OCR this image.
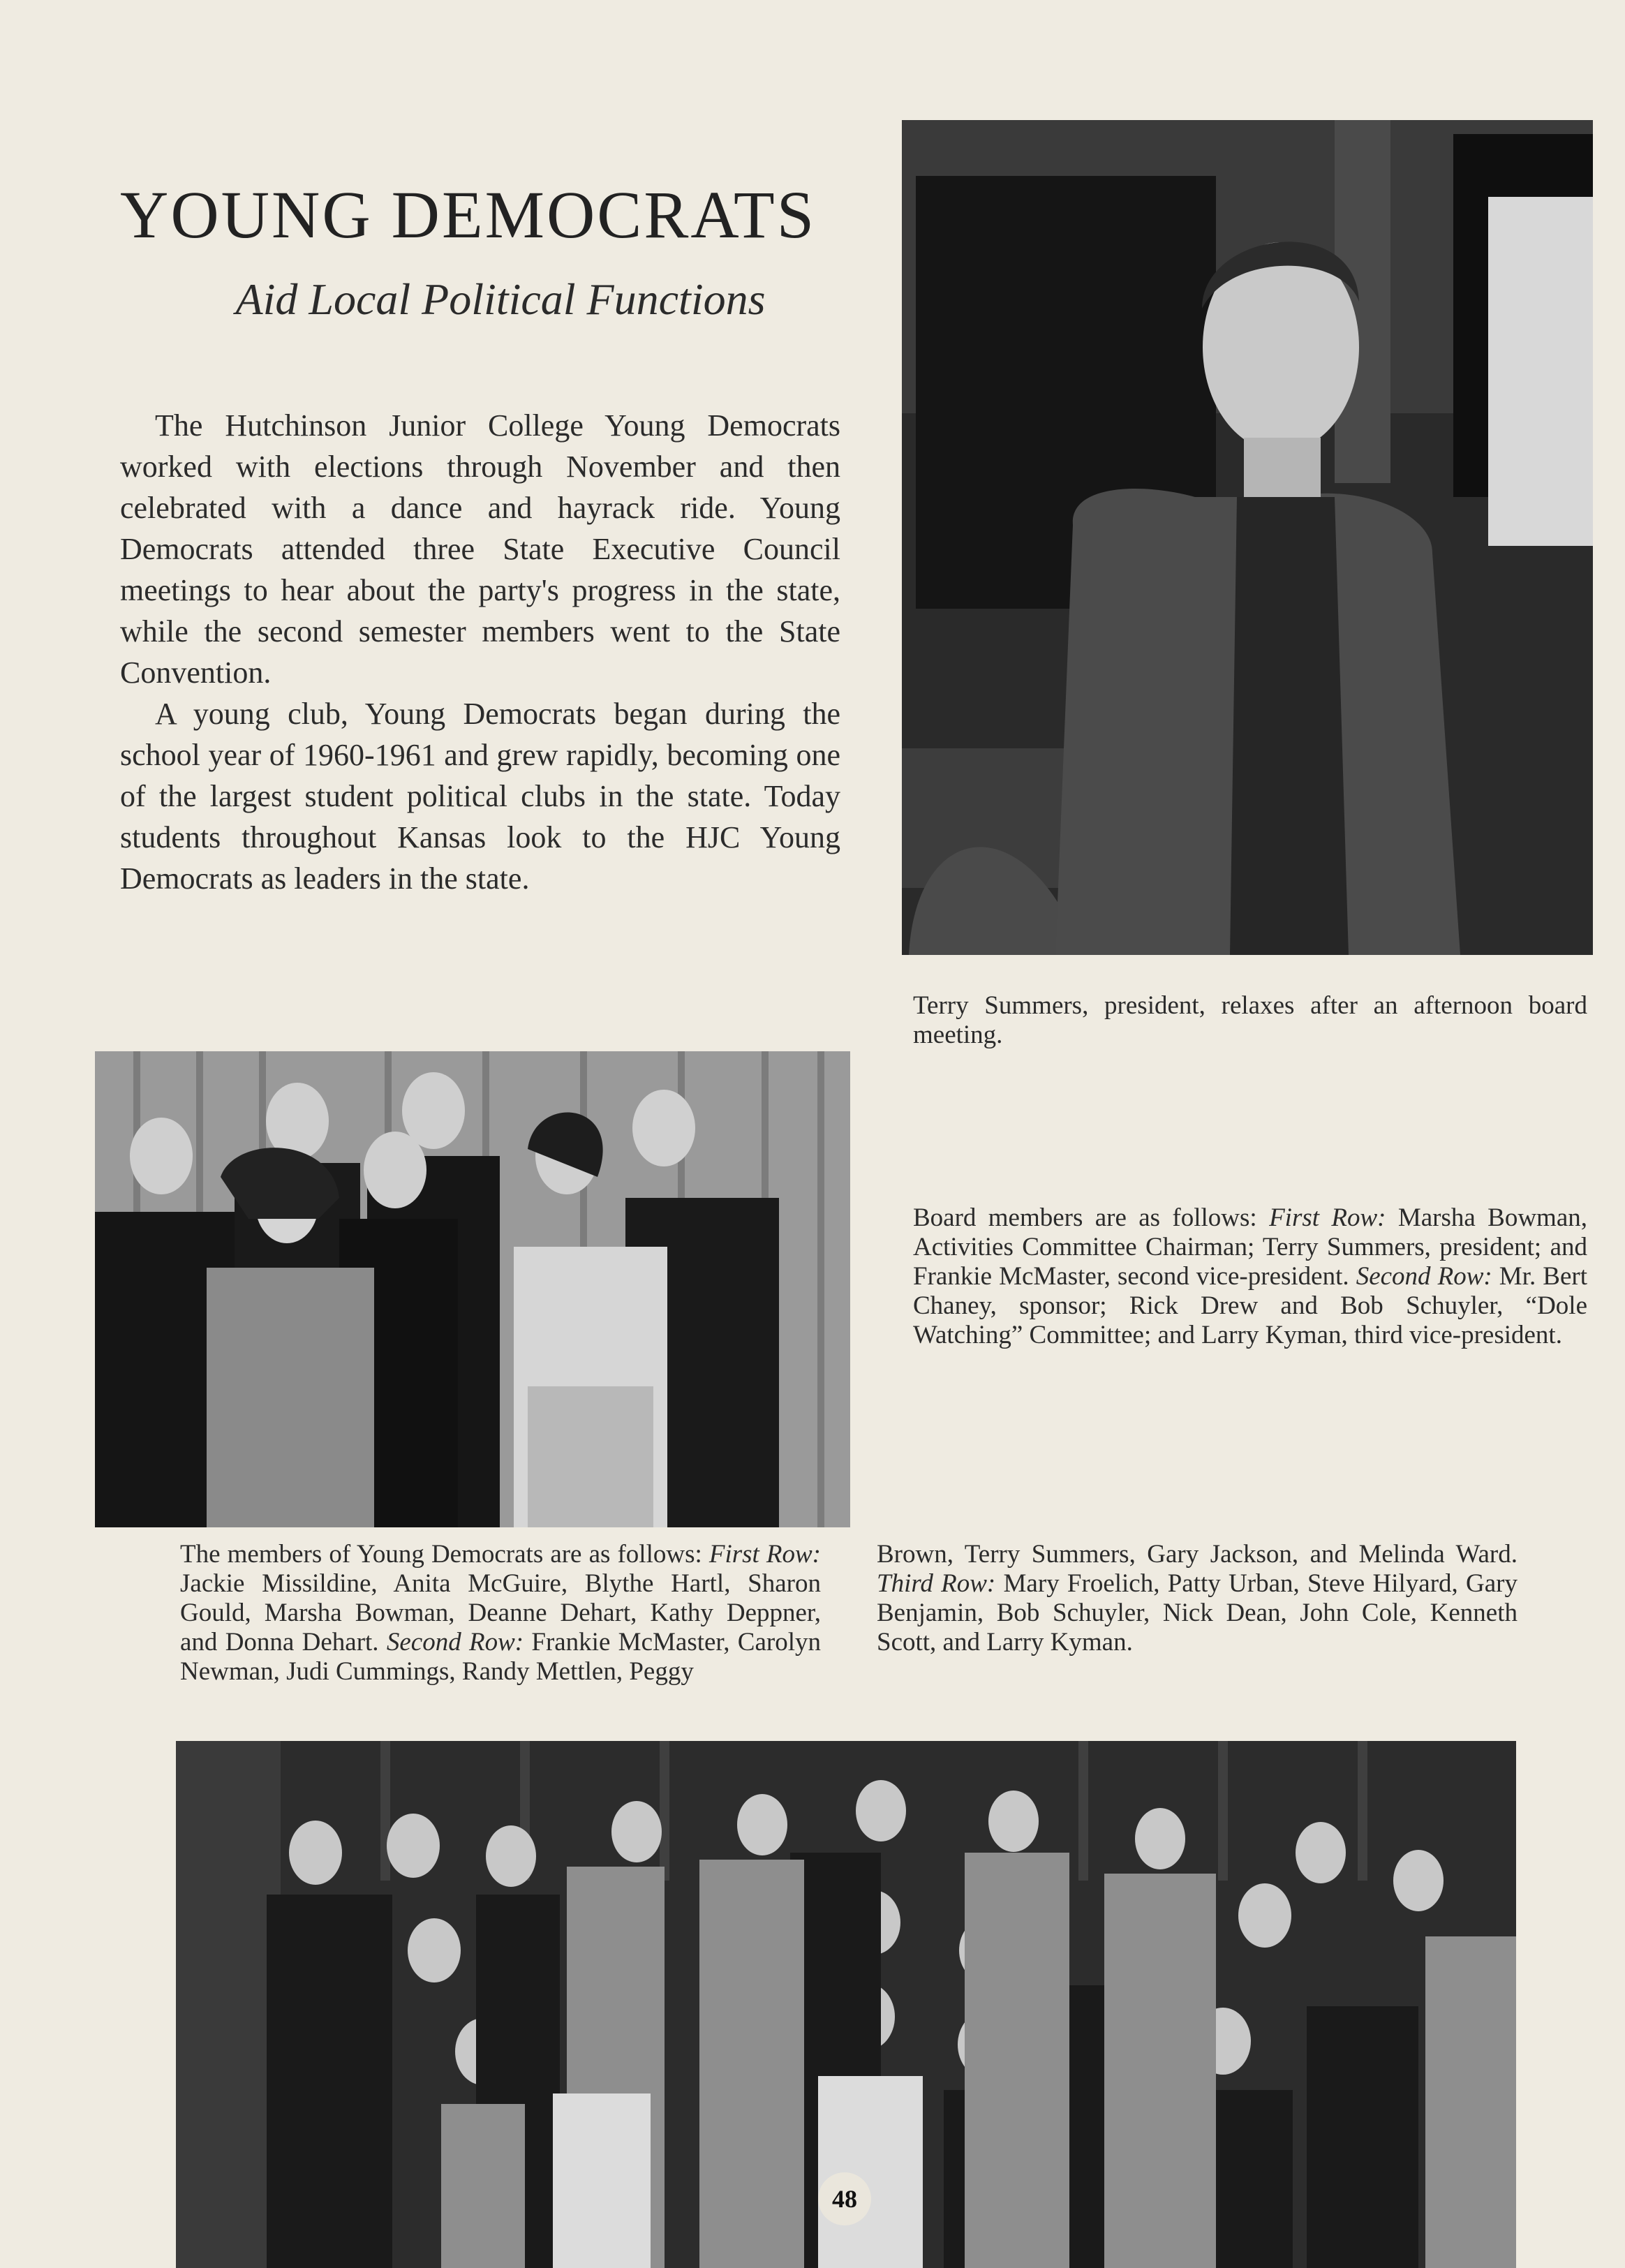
YOUNG DEMOCRATS
Aid Local Political Functions

The Hutchinson Junior College Young Democrats worked with elections through November and then celebrated with a dance and hayrack ride. Young Democrats attended three State Executive Council meetings to hear about the party's progress in the state, while the second semester members went to the State Convention.

A young club, Young Democrats began during the school year of 1960-1961 and grew rapidly, becoming one of the largest student political clubs in the state. Today students throughout Kansas look to the HJC Young Democrats as leaders in the state.

Terry Summers, president, relaxes after an afternoon board meeting.
Board members are as follows: First Row: Marsha Bowman, Activities Committee Chairman; Terry Summers, president; and Frankie McMaster, second vice-president. Second Row: Mr. Bert Chaney, sponsor; Rick Drew and Bob Schuyler, “Dole Watching” Committee; and Larry Kyman, third vice-president.
The members of Young Democrats are as follows: First Row: Jackie Missildine, Anita McGuire, Blythe Hartl, Sharon Gould, Marsha Bowman, Deanne Dehart, Kathy Deppner, and Donna Dehart. Second Row: Frankie McMaster, Carolyn Newman, Judi Cummings, Randy Mettlen, Peggy
Brown, Terry Summers, Gary Jackson, and Melinda Ward. Third Row: Mary Froelich, Patty Urban, Steve Hilyard, Gary Benjamin, Bob Schuyler, Nick Dean, John Cole, Kenneth Scott, and Larry Kyman.
48
